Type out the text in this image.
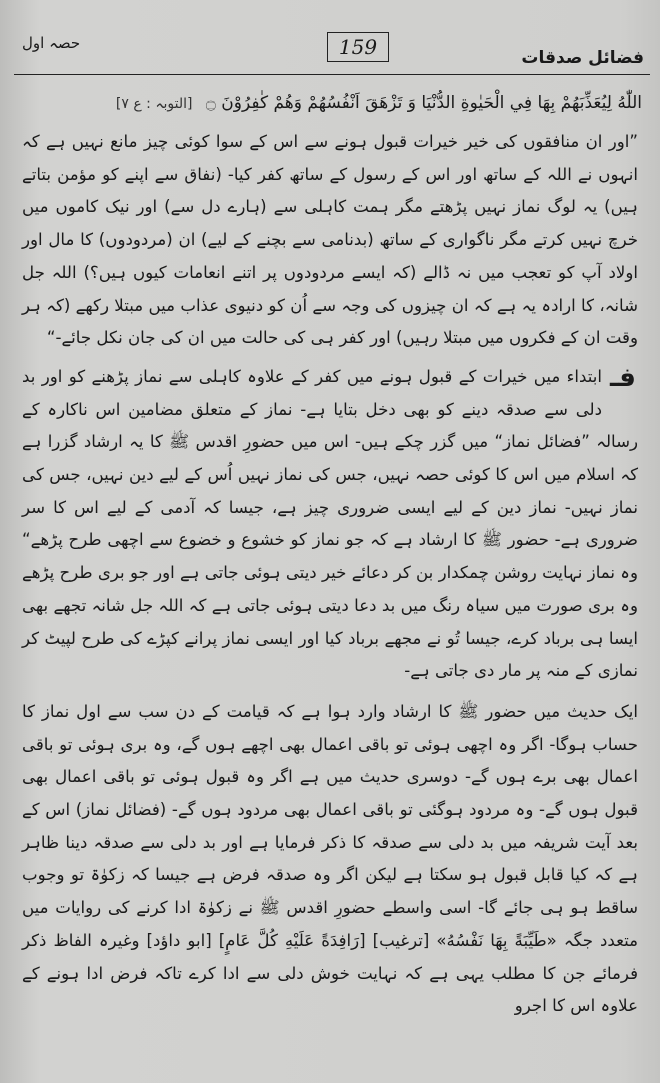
حصہ اول	159	فضائل صدقات
اللّٰهُ لِيُعَذِّبَهُمْ بِهَا فِي الْحَيٰوةِ الدُّنْيَا وَ تَزْهَقَ اَنْفُسُهُمْ وَهُمْ كٰفِرُوْنَ ۝ [التوبہ : ع ۷]

”اور ان منافقوں کی خیر خیرات قبول ہونے سے اس کے سوا کوئی چیز مانع نہیں ہے کہ انہوں نے اللہ کے ساتھ اور اس کے رسول کے ساتھ کفر کیا- (نفاق سے اپنے کو مؤمن بتاتے ہیں) یہ لوگ نماز نہیں پڑھتے مگر ہمت کاہلی سے (ہارے دل سے) اور نیک کاموں میں خرچ نہیں کرتے مگر ناگواری کے ساتھ (بدنامی سے بچنے کے لیے) ان (مردودوں) کا مال اور اولاد آپ کو تعجب میں نہ ڈالے (کہ ایسے مردودوں پر اتنے انعامات کیوں ہیں؟) اللہ جل شانہ، کا ارادہ یہ ہے کہ ان چیزوں کی وجہ سے اُن کو دنیوی عذاب میں مبتلا رکھے (کہ ہر وقت ان کے فکروں میں مبتلا رہیں) اور کفر ہی کی حالت میں ان کی جان نکل جائے-“

فـ
ابتداء میں خیرات کے قبول ہونے میں کفر کے علاوہ کاہلی سے نماز پڑھنے کو اور بد دلی سے صدقہ دینے کو بھی دخل بتایا ہے- نماز کے متعلق مضامین اس ناکارہ کے رسالہ ”فضائل نماز“ میں گزر چکے ہیں- اس میں حضورِ اقدس ﷺ کا یہ ارشاد گزرا ہے کہ اسلام میں اس کا کوئی حصہ نہیں، جس کی نماز نہیں اُس کے لیے دین نہیں، جس کی نماز نہیں- نماز دین کے لیے ایسی ضروری چیز ہے، جیسا کہ آدمی کے لیے اس کا سر ضروری ہے- حضور ﷺ کا ارشاد ہے کہ جو نماز کو خشوع و خضوع سے اچھی طرح پڑھے“ وہ نماز نہایت روشن چمکدار بن کر دعائے خیر دیتی ہوئی جاتی ہے اور جو بری طرح پڑھے وہ بری صورت میں سیاہ رنگ میں بد دعا دیتی ہوئی جاتی ہے کہ اللہ جل شانہ تجھے بھی ایسا ہی برباد کرے، جیسا تُو نے مجھے برباد کیا اور ایسی نماز پرانے کپڑے کی طرح لپیٹ کر نمازی کے منہ پر مار دی جاتی ہے-

ایک حدیث میں حضور ﷺ کا ارشاد وارد ہوا ہے کہ قیامت کے دن سب سے اول نماز کا حساب ہوگا- اگر وہ اچھی ہوئی تو باقی اعمال بھی اچھے ہوں گے، وہ بری ہوئی تو باقی اعمال بھی برے ہوں گے- دوسری حدیث میں ہے اگر وہ قبول ہوئی تو باقی اعمال بھی قبول ہوں گے- وہ مردود ہوگئی تو باقی اعمال بھی مردود ہوں گے- (فضائل نماز) اس کے بعد آیت شریفہ میں بد دلی سے صدقہ کا ذکر فرمایا ہے اور بد دلی سے صدقہ دینا ظاہر ہے کہ کیا قابل قبول ہو سکتا ہے لیکن اگر وہ صدقہ فرض ہے جیسا کہ زکوٰۃ تو وجوب ساقط ہو ہی جائے گا- اسی واسطے حضورِ اقدس ﷺ نے زکوٰۃ ادا کرنے کی روایات میں متعدد جگہ «طَيِّبَةً بِهَا نَفْسُهُ» [ترغیب] [رَافِدَةً عَلَيْهِ كُلَّ عَامٍ] [ابو داؤد] وغیرہ الفاظ ذکر فرمائے جن کا مطلب یہی ہے کہ نہایت خوش دلی سے ادا کرے تاکہ فرض ادا ہونے کے علاوہ اس کا اجرو
